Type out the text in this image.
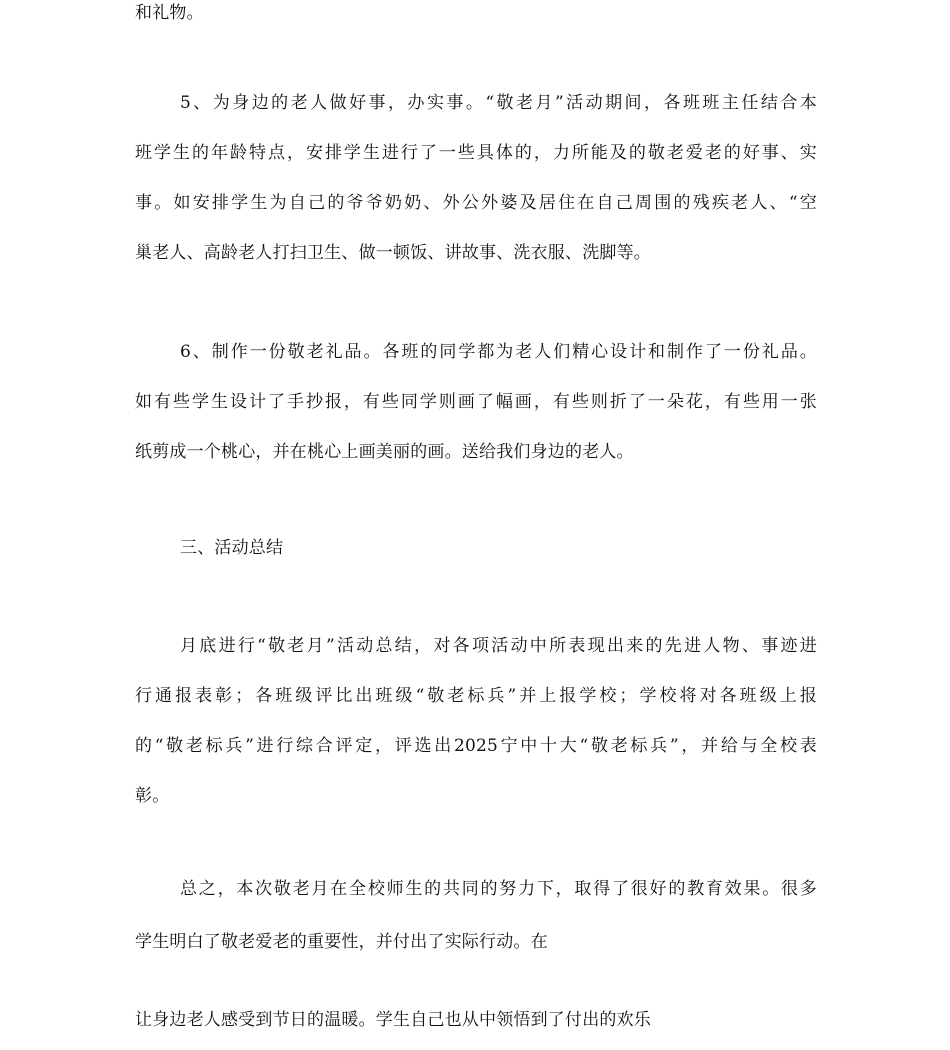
和礼物。
5、为身边的老人做好事，办实事。“敬老月”活动期间，各班班主任结合本
班学生的年龄特点，安排学生进行了一些具体的，力所能及的敬老爱老的好事、实
事。如安排学生为自己的爷爷奶奶、外公外婆及居住在自己周围的残疾老人、“空
巢老人、高龄老人打扫卫生、做一顿饭、讲故事、洗衣服、洗脚等。
6、制作一份敬老礼品。各班的同学都为老人们精心设计和制作了一份礼品。
如有些学生设计了手抄报，有些同学则画了幅画，有些则折了一朵花，有些用一张
纸剪成一个桃心，并在桃心上画美丽的画。送给我们身边的老人。
三、活动总结
月底进行“敬老月”活动总结，对各项活动中所表现出来的先进人物、事迹进
行通报表彰；各班级评比出班级“敬老标兵”并上报学校；学校将对各班级上报
的“敬老标兵”进行综合评定，评选出2025宁中十大“敬老标兵”，并给与全校表
彰。
总之，本次敬老月在全校师生的共同的努力下，取得了很好的教育效果。很多
学生明白了敬老爱老的重要性，并付出了实际行动。在
让身边老人感受到节日的温暖。学生自己也从中领悟到了付出的欢乐
